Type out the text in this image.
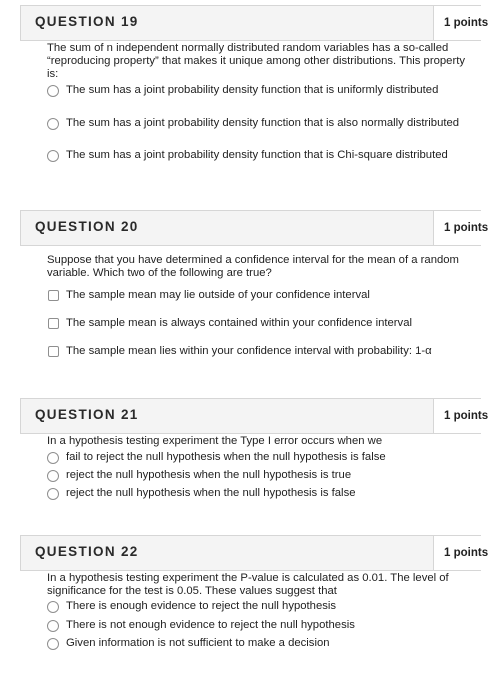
QUESTION 19	1 points
The sum of n independent normally distributed random variables has a so-called “reproducing property” that makes it unique among other distributions. This property is:
The sum has a joint probability density function that is uniformly distributed
The sum has a joint probability density function that is also normally distributed
The sum has a joint probability density function that is Chi-square distributed
QUESTION 20	1 points
Suppose that you have determined a confidence interval for the mean of a random variable. Which two of the following are true?
The sample mean may lie outside of your confidence interval
The sample mean is always contained within your confidence interval
The sample mean lies within your confidence interval with probability: 1-α
QUESTION 21	1 points
In a hypothesis testing experiment the Type I error occurs when we
fail to reject the null hypothesis when the null hypothesis is false
reject the null hypothesis when the null hypothesis is true
reject the null hypothesis when the null hypothesis is false
QUESTION 22	1 points
In a hypothesis testing experiment the P-value is calculated as 0.01. The level of significance for the test is 0.05. These values suggest that
There is enough evidence to reject the null hypothesis
There is not enough evidence to reject the null hypothesis
Given information is not sufficient to make a decision
